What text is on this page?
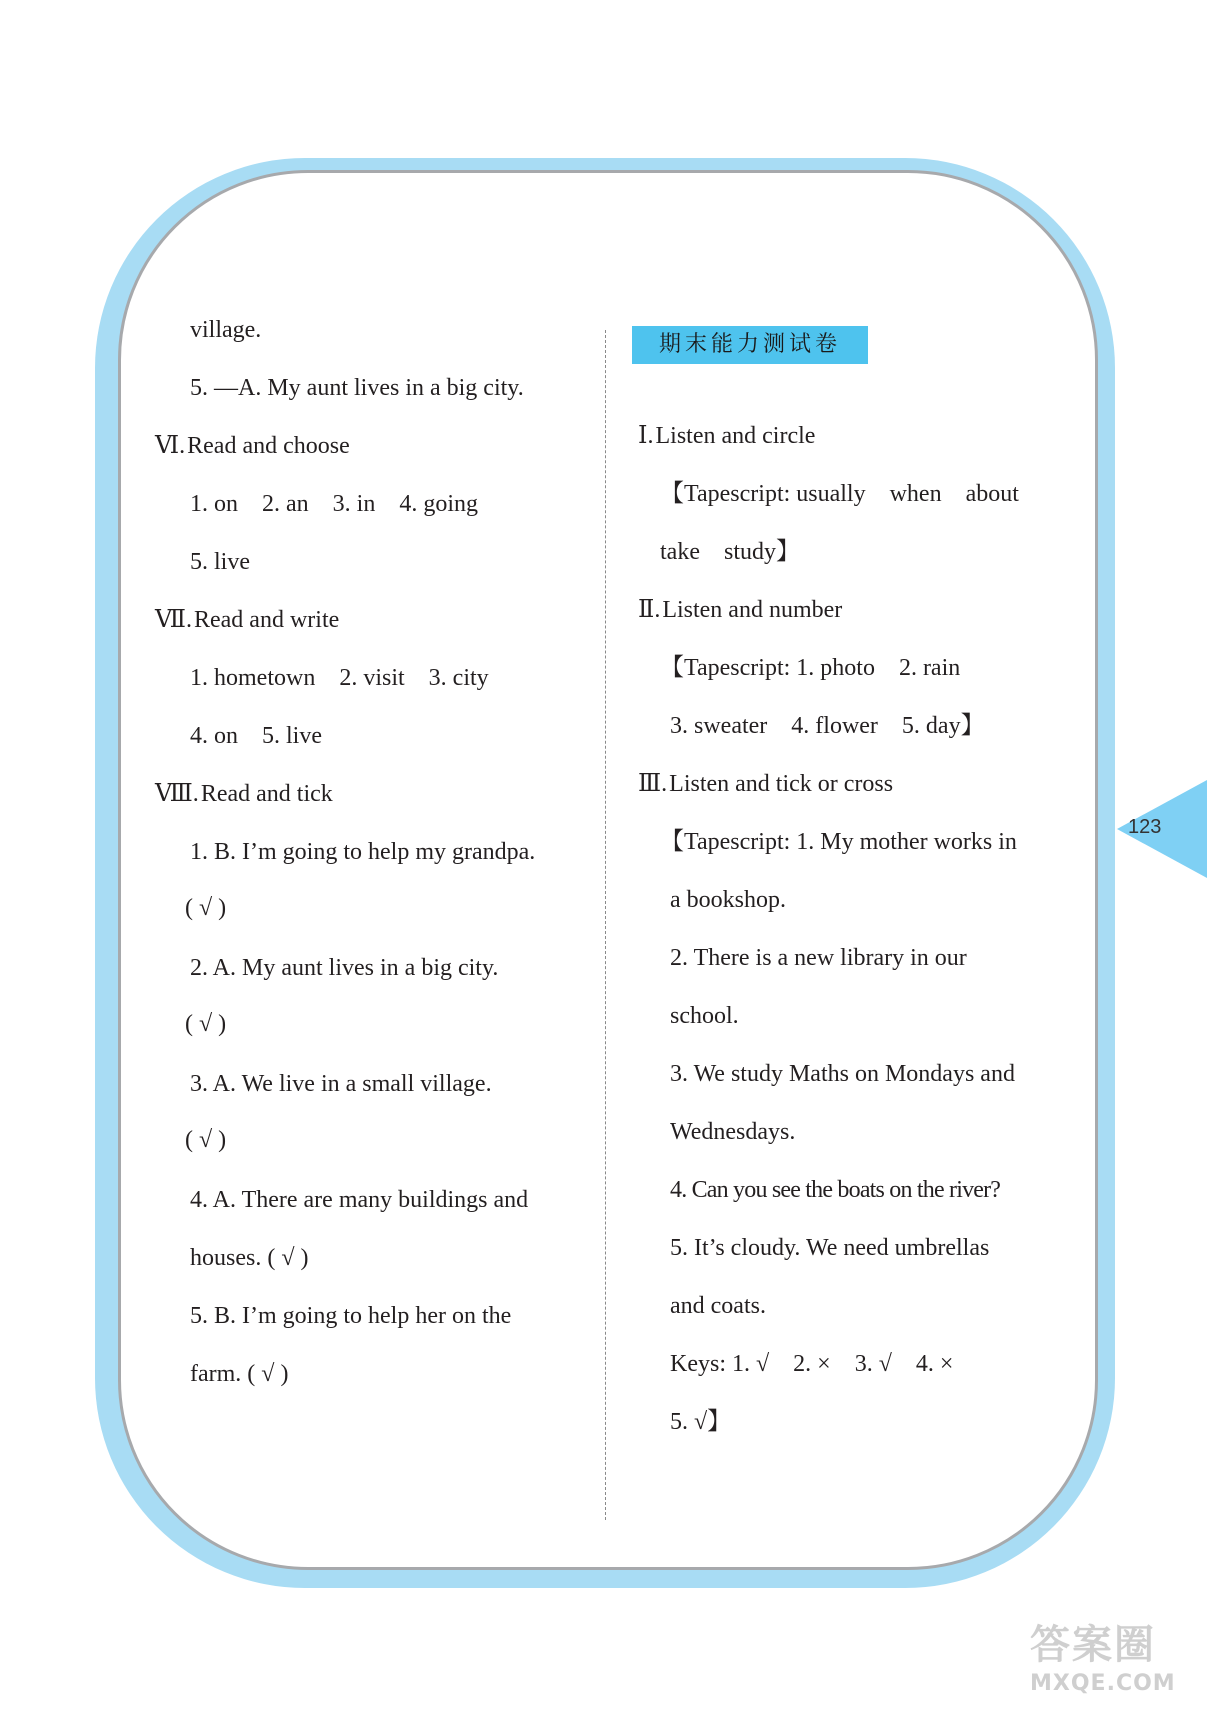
village.
5. —A. My aunt lives in a big city.
Ⅵ.Read and choose
1. on    2. an    3. in    4. going
5. live
Ⅶ.Read and write
1. hometown    2. visit    3. city
4. on    5. live
Ⅷ.Read and tick
1. B. I’m going to help my grandpa.
( √ )
2. A. My aunt lives in a big city.
( √ )
3. A. We live in a small village.
( √ )
4. A. There are many buildings and
houses. ( √ )
5. B. I’m going to help her on the
farm. ( √ )
期末能力测试卷
Ⅰ.Listen and circle
【Tapescript: usually    when    about
take    study】
Ⅱ.Listen and number
【Tapescript: 1. photo    2. rain
3. sweater    4. flower    5. day】
Ⅲ.Listen and tick or cross
【Tapescript: 1. My mother works in
a bookshop.
2. There is a new library in our
school.
3. We study Maths on Mondays and
Wednesdays.
4. Can you see the boats on the river?
5. It’s cloudy. We need umbrellas
and coats.
Keys: 1. √    2. ×    3. √    4. ×
5. √】
123
答案圈
MXQE.COM
